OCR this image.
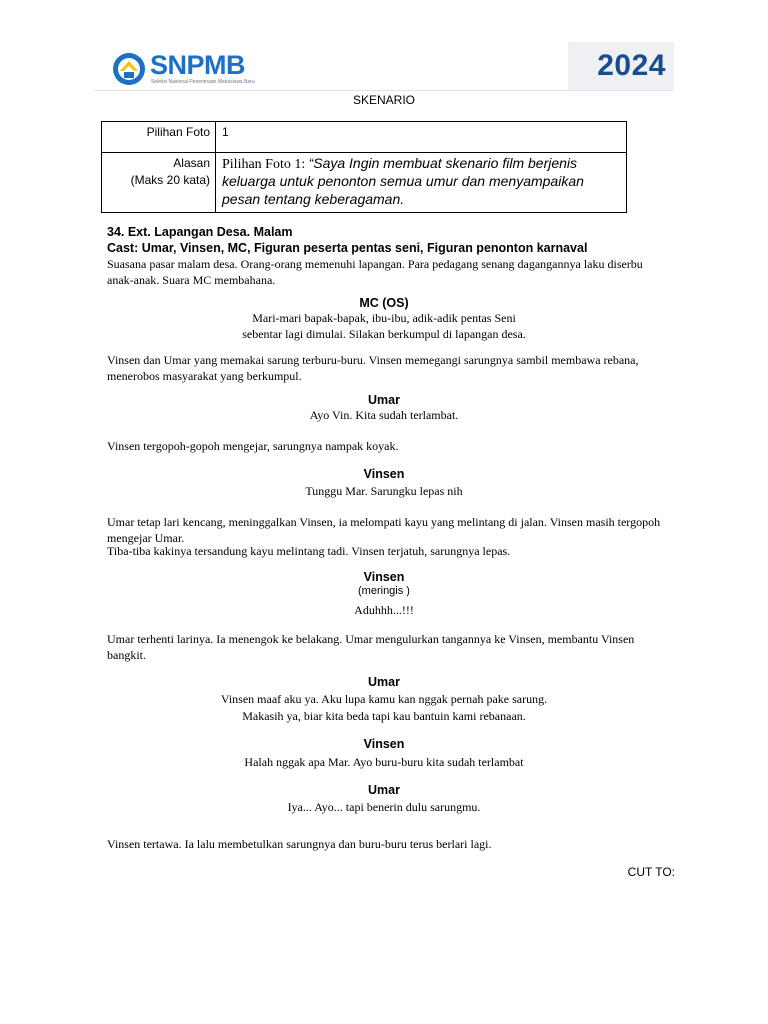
SNPMB
Seleksi Nasional Penerimaan Mahasiswa Baru	2024
SKENARIO
Pilihan Foto	1
Alasan
(Maks 20 kata)	Pilihan Foto 1: “Saya Ingin membuat skenario film berjenis keluarga untuk penonton semua umur dan menyampaikan pesan tentang keberagaman.
34. Ext. Lapangan Desa. Malam
Cast: Umar, Vinsen, MC, Figuran peserta pentas seni, Figuran penonton karnaval
Suasana pasar malam desa. Orang-orang memenuhi lapangan. Para pedagang senang dagangannya laku diserbu anak-anak. Suara MC membahana.
MC (OS)
Mari-mari bapak-bapak, ibu-ibu, adik-adik pentas Seni
sebentar lagi dimulai. Silakan berkumpul di lapangan desa.
Vinsen dan Umar yang memakai sarung terburu-buru. Vinsen memegangi sarungnya sambil membawa rebana, menerobos masyarakat yang berkumpul.
Umar
Ayo Vin. Kita sudah terlambat.
Vinsen tergopoh-gopoh mengejar, sarungnya nampak koyak.
Vinsen
Tunggu Mar. Sarungku lepas nih
Umar tetap lari kencang, meninggalkan Vinsen, ia melompati kayu yang melintang di jalan. Vinsen masih tergopoh mengejar Umar.
Tiba-tiba kakinya tersandung kayu melintang tadi. Vinsen terjatuh, sarungnya lepas.
Vinsen
(meringis )
Aduhhh...!!!
Umar terhenti larinya. Ia menengok ke belakang. Umar mengulurkan tangannya ke Vinsen, membantu Vinsen bangkit.
Umar
Vinsen maaf aku ya. Aku lupa kamu kan nggak pernah pake sarung.
Makasih ya, biar kita beda tapi kau bantuin kami rebanaan.
Vinsen
Halah nggak apa Mar. Ayo buru-buru kita sudah terlambat
Umar
Iya... Ayo... tapi benerin dulu sarungmu.
Vinsen tertawa. Ia lalu membetulkan sarungnya dan buru-buru terus berlari lagi.
CUT TO:
